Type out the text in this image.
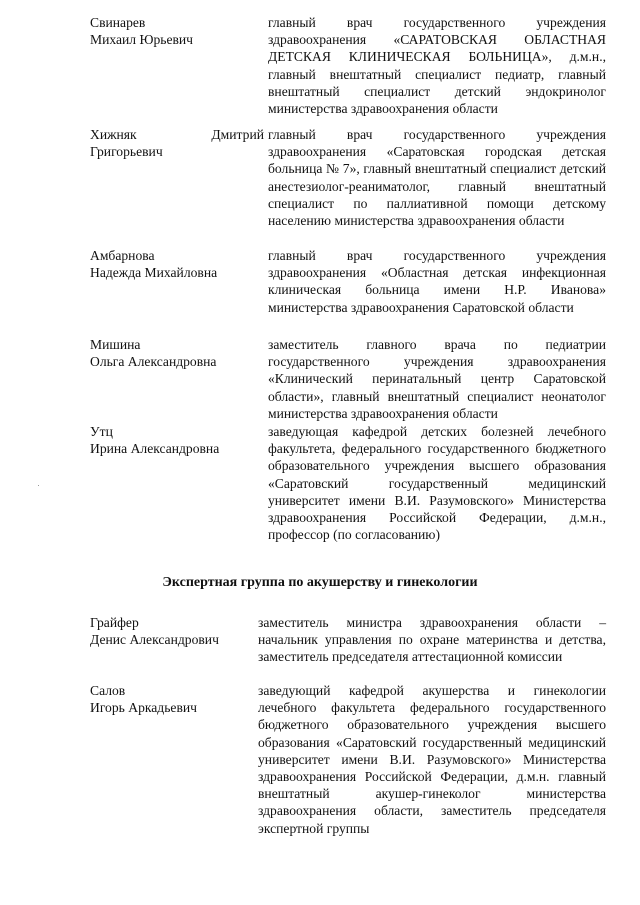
Свинарев
Михаил Юрьевич

главный врач государственного учреждения здравоохранения «САРАТОВСКАЯ ОБЛАСТНАЯ ДЕТСКАЯ КЛИНИЧЕСКАЯ БОЛЬНИЦА», д.м.н., главный внештатный специалист педиатр, главный внештатный специалист детский эндокринолог министерства здравоохранения области

Хижняк	Дмитрий
Григорьевич

главный врач государственного учреждения здравоохранения «Саратовская городская детская больница № 7», главный внештатный специалист детский анестезиолог-реаниматолог, главный внештатный специалист по паллиативной помощи детскому населению министерства здравоохранения области

Амбарнова
Надежда Михайловна

главный врач государственного учреждения здравоохранения «Областная детская инфекционная клиническая больница имени Н.Р. Иванова» министерства здравоохранения Саратовской области

Мишина
Ольга Александровна

заместитель главного врача по педиатрии государственного учреждения здравоохранения «Клинический перинатальный центр Саратовской области», главный внештатный специалист неонатолог министерства здравоохранения области

Утц
Ирина Александровна

заведующая кафедрой детских болезней лечебного факультета, федерального государственного бюджетного образовательного учреждения высшего образования «Саратовский государственный медицинский университет имени В.И. Разумовского» Министерства здравоохранения Российской Федерации, д.м.н., профессор (по согласованию)

Экспертная группа по акушерству и гинекологии
Грайфер
Денис Александрович

заместитель министра здравоохранения области – начальник управления по охране материнства и детства, заместитель председателя аттестационной комиссии

Салов
Игорь Аркадьевич

заведующий кафедрой акушерства и гинекологии лечебного факультета федерального государственного бюджетного образовательного учреждения высшего образования «Саратовский государственный медицинский университет имени В.И. Разумовского» Министерства здравоохранения Российской Федерации, д.м.н. главный внештатный акушер-гинеколог министерства здравоохранения области, заместитель председателя экспертной группы
